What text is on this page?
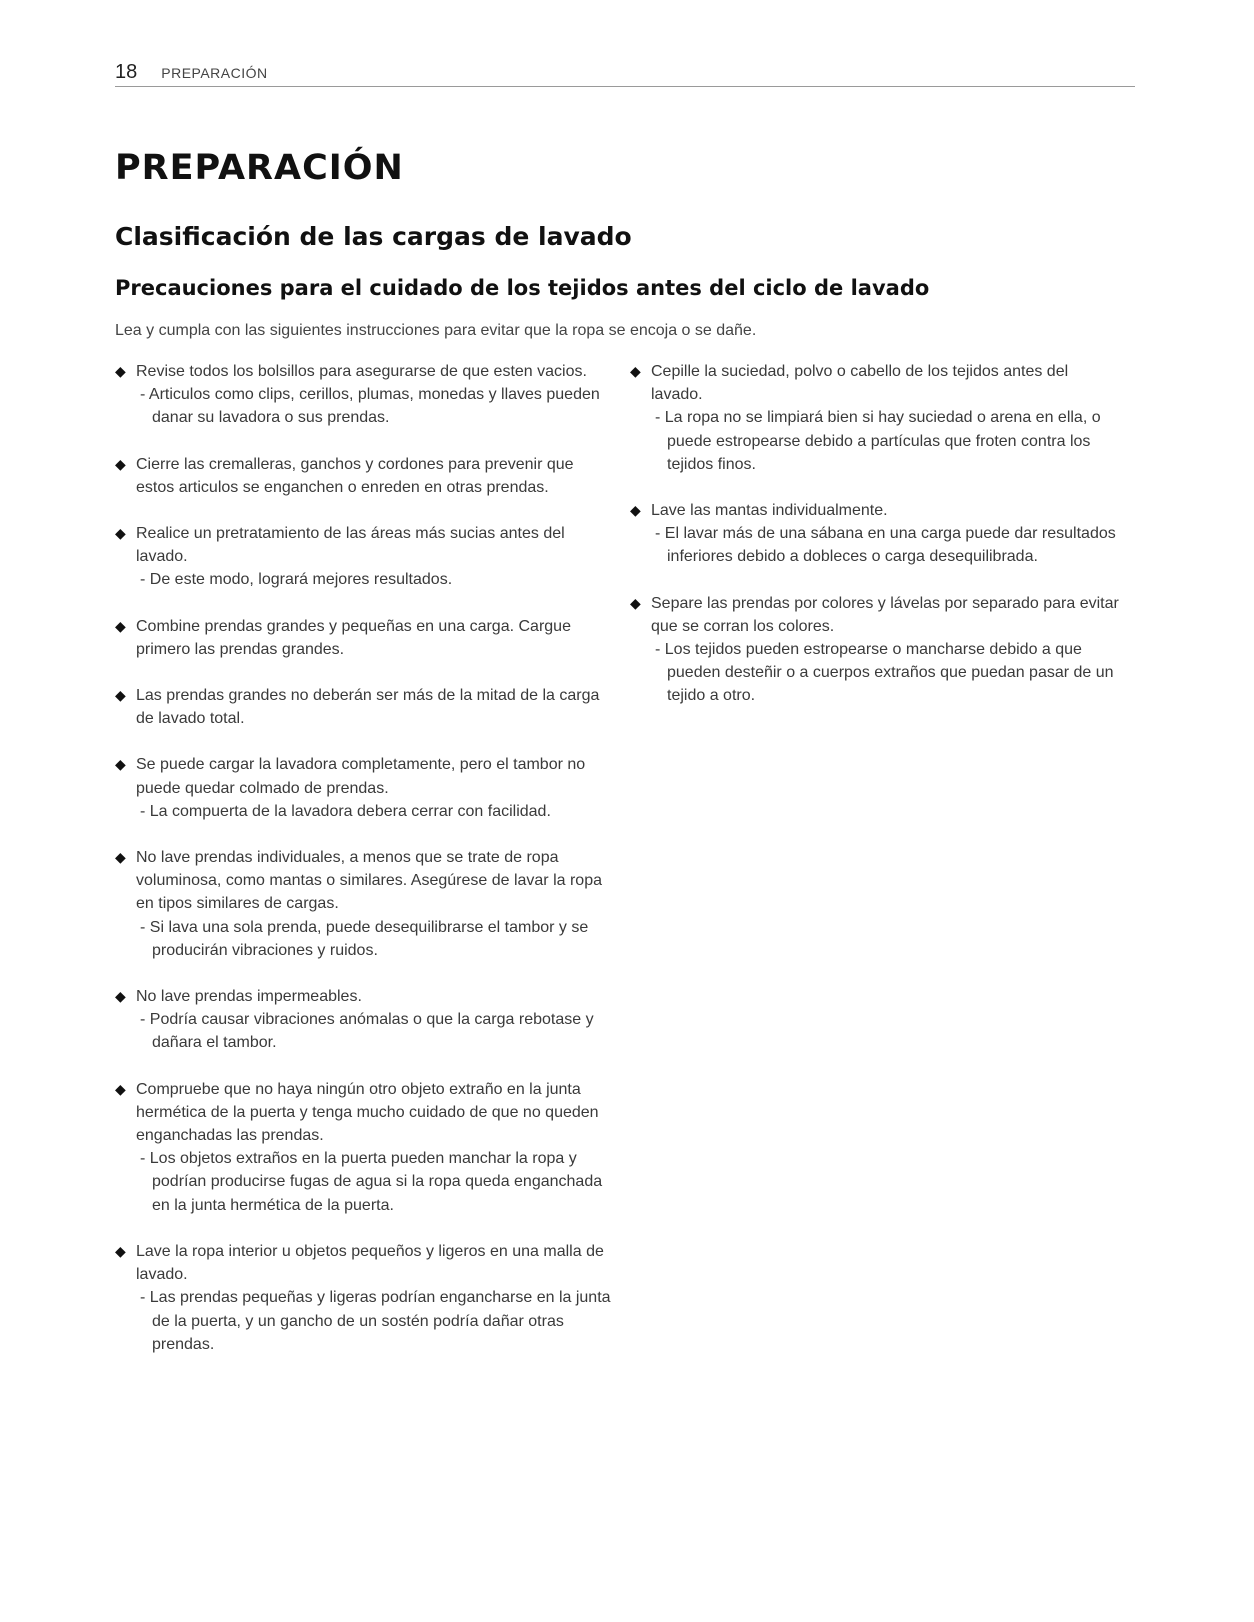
18 PREPARACIÓN
PREPARACIÓN
Clasificación de las cargas de lavado
Precauciones para el cuidado de los tejidos antes del ciclo de lavado

Lea y cumpla con las siguientes instrucciones para evitar que la ropa se encoja o se dañe.

◆ Revise todos los bolsillos para asegurarse de que esten vacios.
- Articulos como clips, cerillos, plumas, monedas y llaves pueden danar su lavadora o sus prendas.
◆ Cierre las cremalleras, ganchos y cordones para prevenir que estos articulos se enganchen o enreden en otras prendas.
◆ Realice un pretratamiento de las áreas más sucias antes del lavado.
- De este modo, logrará mejores resultados.
◆ Combine prendas grandes y pequeñas en una carga. Cargue primero las prendas grandes.
◆ Las prendas grandes no deberán ser más de la mitad de la carga de lavado total.
◆ Se puede cargar la lavadora completamente, pero el tambor no puede quedar colmado de prendas.
- La compuerta de la lavadora debera cerrar con facilidad.
◆ No lave prendas individuales, a menos que se trate de ropa voluminosa, como mantas o similares. Asegúrese de lavar la ropa en tipos similares de cargas.
- Si lava una sola prenda, puede desequilibrarse el tambor y se producirán vibraciones y ruidos.
◆ No lave prendas impermeables.
- Podría causar vibraciones anómalas o que la carga rebotase y dañara el tambor.
◆ Compruebe que no haya ningún otro objeto extraño en la junta hermética de la puerta y tenga mucho cuidado de que no queden enganchadas las prendas.
- Los objetos extraños en la puerta pueden manchar la ropa y podrían producirse fugas de agua si la ropa queda enganchada en la junta hermética de la puerta.
◆ Lave la ropa interior u objetos pequeños y ligeros en una malla de lavado.
- Las prendas pequeñas y ligeras podrían engancharse en la junta de la puerta, y un gancho de un sostén podría dañar otras prendas.
◆ Cepille la suciedad, polvo o cabello de los tejidos antes del lavado.
- La ropa no se limpiará bien si hay suciedad o arena en ella, o puede estropearse debido a partículas que froten contra los tejidos finos.
◆ Lave las mantas individualmente.
- El lavar más de una sábana en una carga puede dar resultados inferiores debido a dobleces o carga desequilibrada.
◆ Separe las prendas por colores y lávelas por separado para evitar que se corran los colores.
- Los tejidos pueden estropearse o mancharse debido a que pueden desteñir o a cuerpos extraños que puedan pasar de un tejido a otro.
